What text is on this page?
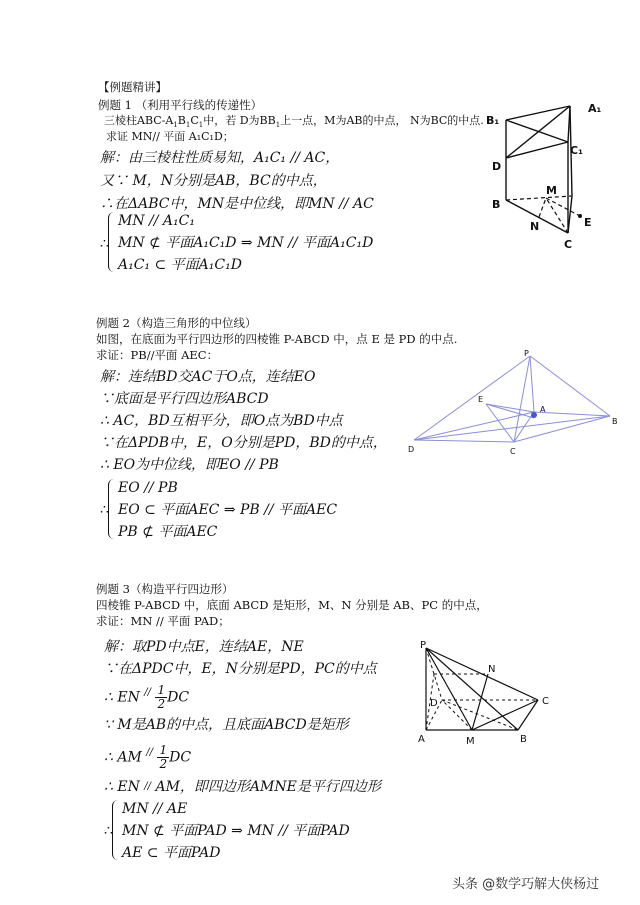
【例题精讲】
例题 1 （利用平行线的传递性）
三棱柱ABC-$A_1B_1C_1$中，若 D为$BB_1$上一点，M为AB的中点， N为BC的中点.
求证 MN// 平面 A₁C₁D；
解：由三棱柱性质易知，A₁C₁ // AC，
又∵ M，N分别是AB，BC的中点，
∴在ΔABC中，MN是中位线，即MN // AC
∴
MN // A₁C₁
MN ⊄ 平面A₁C₁D ⇒ MN // 平面A₁C₁D
A₁C₁ ⊂ 平面A₁C₁D
B₁
A₁
C₁
D
M
B
N	E
C
例题 2（构造三角形的中位线）
如图，在底面为平行四边形的四棱锥 P-ABCD 中，点 E 是 PD 的中点.
求证：PB//平面 AEC：
解：连结BD交AC于O点，连结EO
∵底面是平行四边形ABCD
∴ AC，BD互相平分，即O点为BD中点
∵在ΔPDB中，E，O分别是PD，BD的中点，
∴ EO为中位线，即EO // PB
∴
EO // PB
EO ⊂ 平面AEC ⇒ PB // 平面AEC
PB ⊄ 平面AEC
P
E
A
B
D	C
例题 3（构造平行四边形）
四棱锥 P-ABCD 中，底面 ABCD 是矩形，M、N 分别是 AB、PC 的中点，
求证：MN // 平面 PAD；
解：取PD中点E，连结AE，NE
∵在ΔPDC中，E，N分别是PD，PC的中点
∴ EN $^{//} \frac{1}{2}$ DC
∵ M是AB的中点，且底面ABCD是矩形
∴ AM $^{//} \frac{1}{2}$ DC
∴ EN // AM，即四边形AMNE是平行四边形
∴
MN // AE
MN ⊄ 平面PAD ⇒ MN // 平面PAD
AE ⊂ 平面PAD
P
N
D	C
A	M	B
头条 @数学巧解大侠杨过
